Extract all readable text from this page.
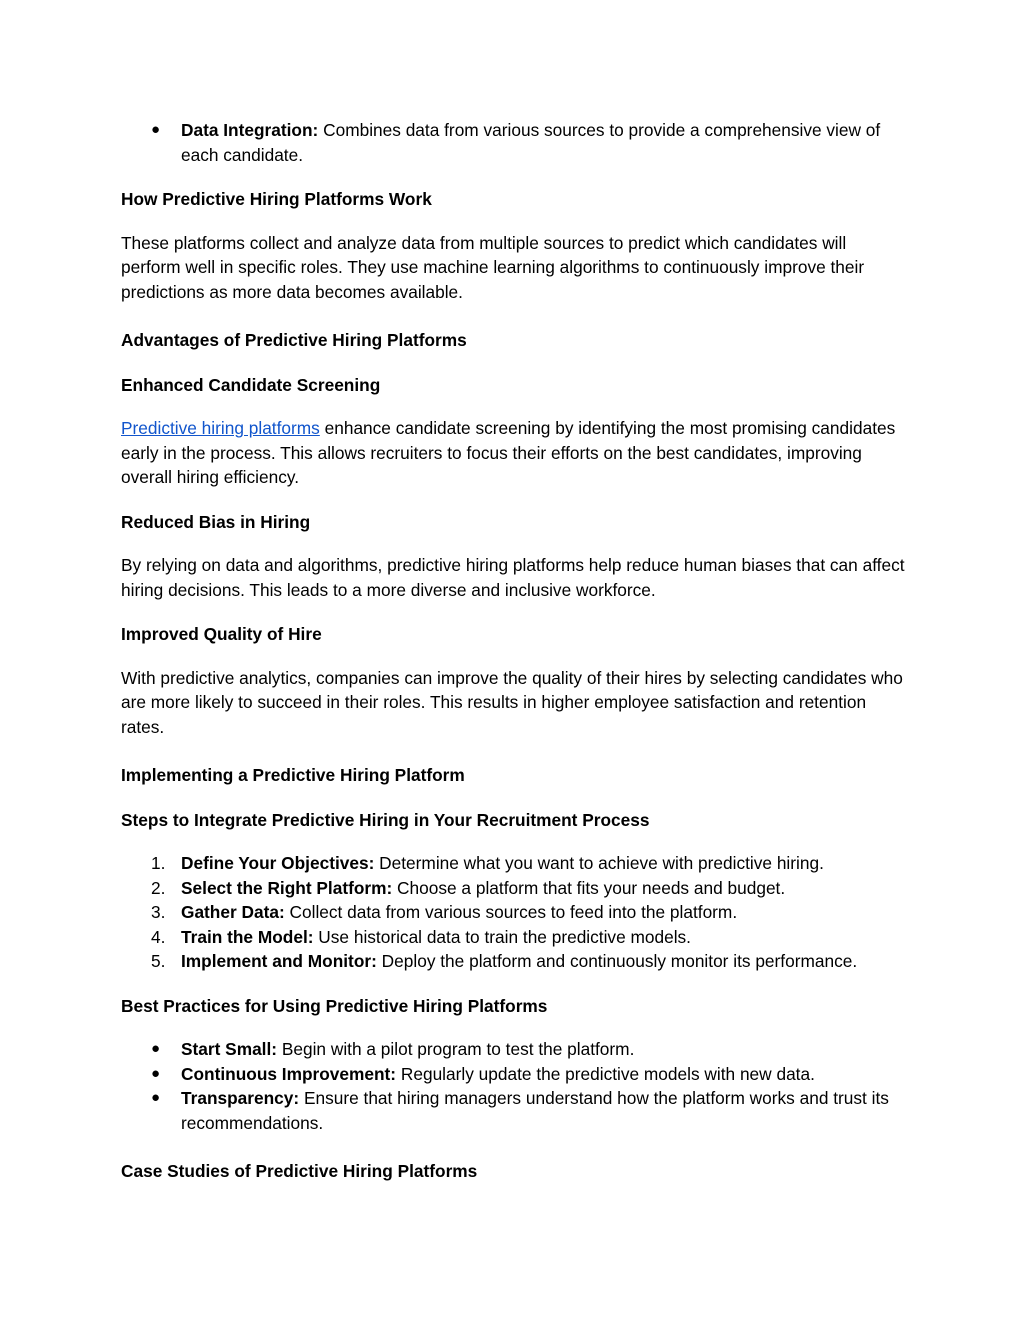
●	Data Integration: Combines data from various sources to provide a comprehensive view of each candidate.
How Predictive Hiring Platforms Work

These platforms collect and analyze data from multiple sources to predict which candidates will perform well in specific roles. They use machine learning algorithms to continuously improve their predictions as more data becomes available.

Advantages of Predictive Hiring Platforms
Enhanced Candidate Screening

Predictive hiring platforms enhance candidate screening by identifying the most promising candidates early in the process. This allows recruiters to focus their efforts on the best candidates, improving overall hiring efficiency.

Reduced Bias in Hiring

By relying on data and algorithms, predictive hiring platforms help reduce human biases that can affect hiring decisions. This leads to a more diverse and inclusive workforce.

Improved Quality of Hire

With predictive analytics, companies can improve the quality of their hires by selecting candidates who are more likely to succeed in their roles. This results in higher employee satisfaction and retention rates.

Implementing a Predictive Hiring Platform
Steps to Integrate Predictive Hiring in Your Recruitment Process
1. Define Your Objectives: Determine what you want to achieve with predictive hiring.
2. Select the Right Platform: Choose a platform that fits your needs and budget.
3. Gather Data: Collect data from various sources to feed into the platform.
4. Train the Model: Use historical data to train the predictive models.
5. Implement and Monitor: Deploy the platform and continuously monitor its performance.
Best Practices for Using Predictive Hiring Platforms
●	Start Small: Begin with a pilot program to test the platform.
●	Continuous Improvement: Regularly update the predictive models with new data.
●	Transparency: Ensure that hiring managers understand how the platform works and trust its recommendations.
Case Studies of Predictive Hiring Platforms
